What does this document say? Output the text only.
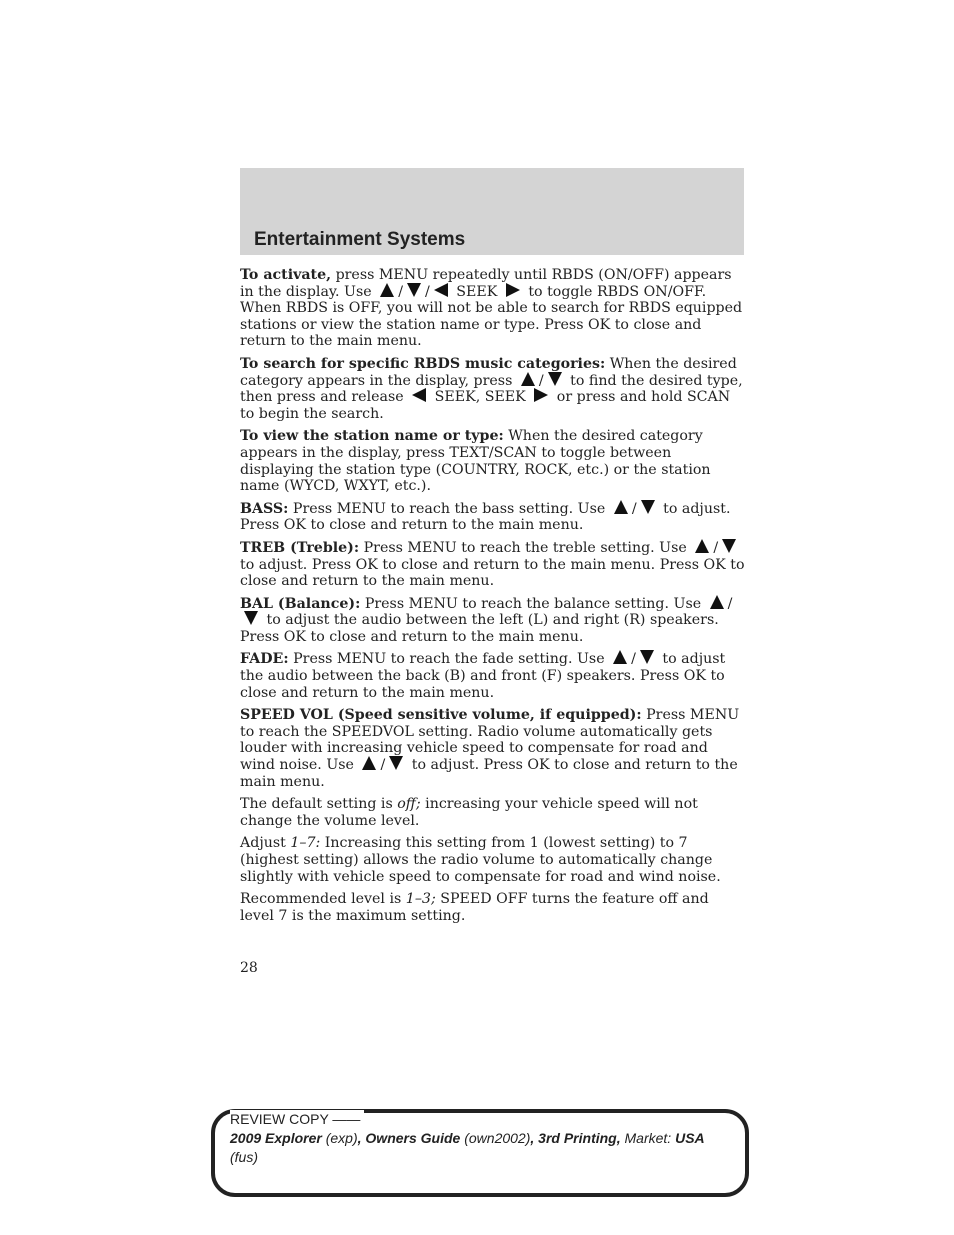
Entertainment Systems

To activate, press MENU repeatedly until RBDS (ON/OFF) appears in the display. Use
/ /
SEEK
to toggle RBDS ON/OFF. When RBDS is OFF, you will not be able to search for RBDS equipped stations or view the station name or type. Press OK to close and return to the main menu.

To search for specific RBDS music categories: When the desired category appears in the display, press
/
to find the desired type, then press and release
SEEK, SEEK
or press and hold SCAN to begin the search.

To view the station name or type: When the desired category appears in the display, press TEXT/SCAN to toggle between displaying the station type (COUNTRY, ROCK, etc.) or the station name (WYCD, WXYT, etc.).

BASS: Press MENU to reach the bass setting. Use
/
to adjust. Press OK to close and return to the main menu.

TREB (Treble): Press MENU to reach the treble setting. Use
/
to adjust. Press OK to close and return to the main menu. Press OK to close and return to the main menu.

BAL (Balance): Press MENU to reach the balance setting. Use
/
to adjust the audio between the left (L) and right (R) speakers. Press OK to close and return to the main menu.

FADE: Press MENU to reach the fade setting. Use
/
to adjust the audio between the back (B) and front (F) speakers. Press OK to close and return to the main menu.

SPEED VOL (Speed sensitive volume, if equipped): Press MENU to reach the SPEEDVOL setting. Radio volume automatically gets louder with increasing vehicle speed to compensate for road and wind noise. Use
/
to adjust. Press OK to close and return to the main menu.

The default setting is off; increasing your vehicle speed will not change the volume level.

Adjust 1–7: Increasing this setting from 1 (lowest setting) to 7 (highest setting) allows the radio volume to automatically change slightly with vehicle speed to compensate for road and wind noise.

Recommended level is 1–3; SPEED OFF turns the feature off and level 7 is the maximum setting.

28

REVIEW COPY ——
2009 Explorer (exp), Owners Guide (own2002), 3rd Printing, Market: USA
(fus)
